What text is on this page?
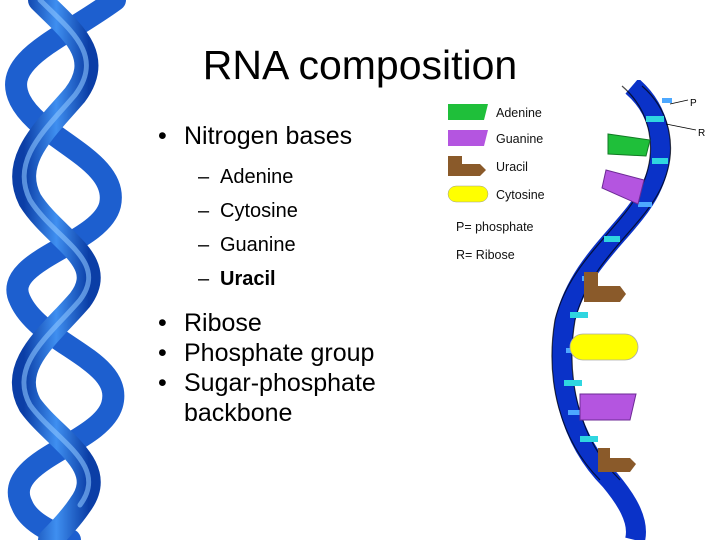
RNA composition
• Nitrogen bases
– Adenine
– Cytosine
– Guanine
– Uracil
• Ribose
• Phosphate group
• Sugar-phosphate
backbone
Adenine
Guanine
Uracil
Cytosine
P= phosphate
R= Ribose
P
R
